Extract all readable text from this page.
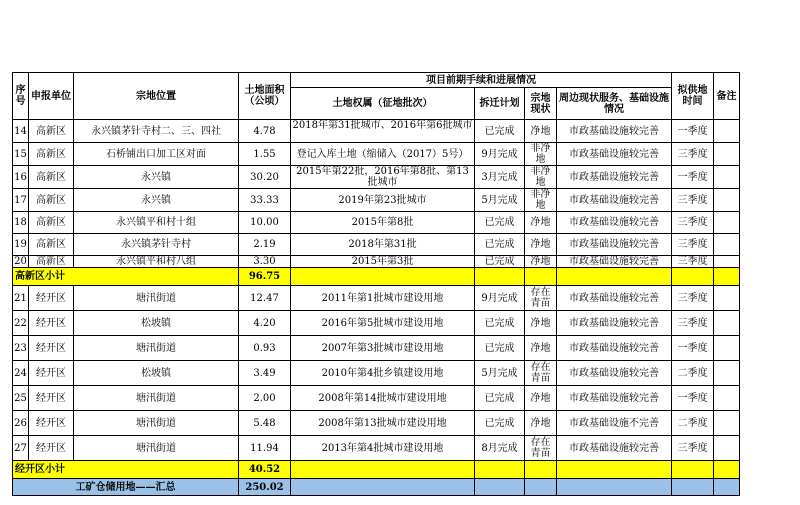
序号	申报单位	宗地位置	土地面积（公顷）	项目前期手续和进展情况				拟供地时间	备注
				土地权属（征地批次）	拆迁计划	宗地现状	周边现状服务、基础设施情况		
14	高新区	永兴镇茅针寺村二、三、四社	4.78	2018年第31批城市、2016年第6批城市	已完成	净地	市政基础设施较完善	一季度	
15	高新区	石桥铺出口加工区对面	1.55	登记入库土地（缩储入（2017）5号）	9月完成	非净地	市政基础设施较完善	三季度	
16	高新区	永兴镇	30.20	2015年第22批，2016年第8批、第13批城市	3月完成	非净地	市政基础设施较完善	一季度	
17	高新区	永兴镇	33.33	2019年第23批城市	5月完成	非净地	市政基础设施较完善	三季度	
18	高新区	永兴镇平和村十组	10.00	2015年第8批	已完成	净地	市政基础设施较完善	三季度	
19	高新区	永兴镇茅针寺村	2.19	2018年第31批	已完成	净地	市政基础设施较完善	三季度	
20	高新区	永兴镇平和村八组	3.30	2015年第3批	已完成	净地	市政基础设施较完善	三季度	
高新区小计			96.75						
21	经开区	塘汛街道	12.47	2011年第1批城市建设用地	9月完成	存在青苗	市政基础设施较完善	三季度	
22	经开区	松坡镇	4.20	2016年第5批城市建设用地	已完成	净地	市政基础设施较完善	三季度	
23	经开区	塘汛街道	0.93	2007年第3批城市建设用地	已完成	净地	市政基础设施较完善	一季度	
24	经开区	松坡镇	3.49	2010年第4批乡镇建设用地	5月完成	存在青苗	市政基础设施较完善	二季度	
25	经开区	塘汛街道	2.00	2008年第14批城市建设用地	已完成	净地	市政基础设施较完善	一季度	
26	经开区	塘汛街道	5.48	2008年第13批城市建设用地	已完成	净地	市政基础设施不完善	二季度	
27	经开区	塘汛街道	11.94	2013年第4批城市建设用地	8月完成	存在青苗	市政基础设施较完善	三季度	
经开区小计			40.52						
工矿仓储用地——汇总			250.02						
